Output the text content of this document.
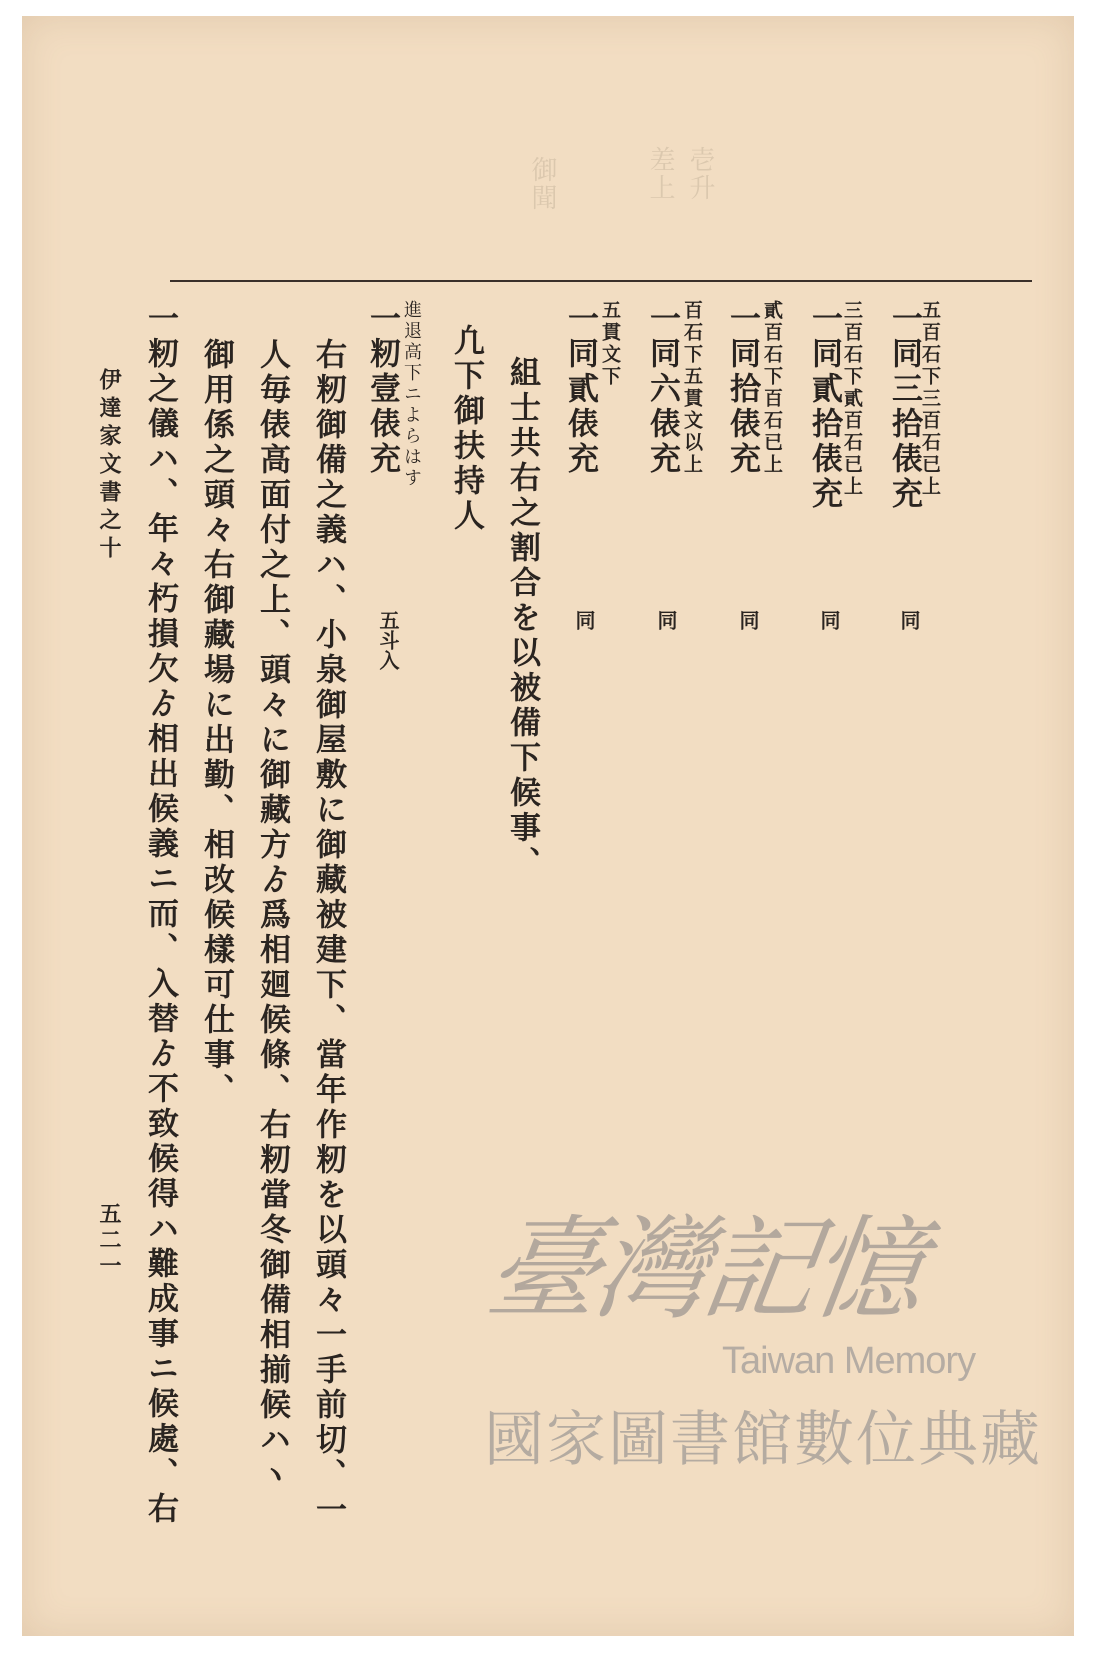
御聞	差上 壱升
五百石下三百石已上
一同三拾俵充
同
三百石下貳百石已上
一同貳拾俵充
同
貳百石下百石已上
一同拾俵充
同
百石下五貫文以上
一同六俵充
同
五貫文下
一同貳俵充
同
組士共右之割合を以被備下候事、
凢下御扶持人
進退高下ニよらはす
一籾壹俵充
五斗入
右籾御備之義ハ、小泉御屋敷に御藏被建下、當年作籾を以頭々一手前切、一
人毎俵高面付之上、頭々に御藏方ゟ爲相廻候條、右籾當冬御備相揃候ハヽ
御用係之頭々右御藏場に出勤、相改候樣可仕事、
一籾之儀ハ、年々朽損欠ゟ相出候義ニ而、入替ゟ不致候得ハ難成事ニ候處、右
伊達家文書之十
五二一	臺灣記憶
Taiwan Memory
國家圖書館數位典藏
